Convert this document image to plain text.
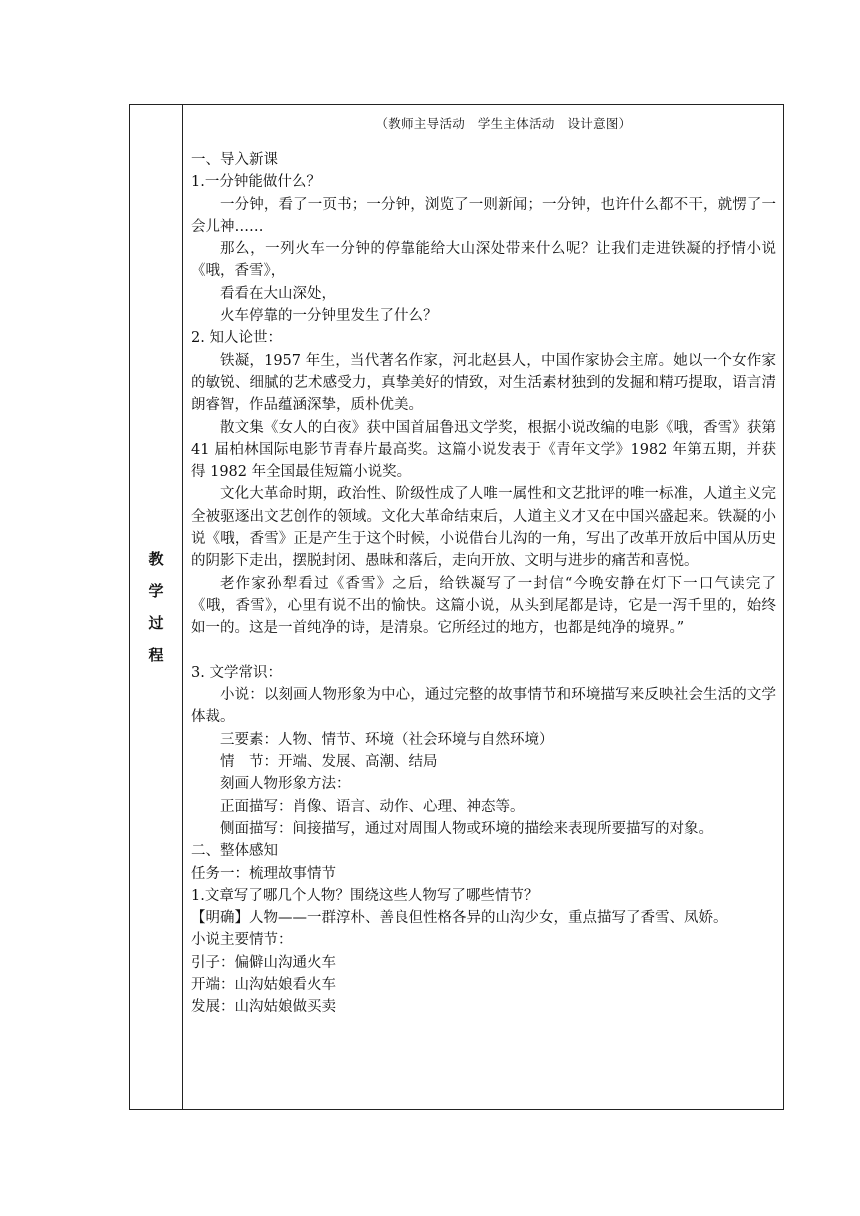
教
学
过
程
（教师主导活动　学生主体活动　设计意图）

一、导入新课

1.一分钟能做什么？

一分钟，看了一页书；一分钟，浏览了一则新闻；一分钟，也许什么都不干，就愣了一会儿神……

那么，一列火车一分钟的停靠能给大山深处带来什么呢？让我们走进铁凝的抒情小说《哦，香雪》，

看看在大山深处，

火车停靠的一分钟里发生了什么？

2. 知人论世：

铁凝，1957 年生，当代著名作家，河北赵县人，中国作家协会主席。她以一个女作家的敏锐、细腻的艺术感受力，真挚美好的情致，对生活素材独到的发掘和精巧提取，语言清朗睿智，作品蕴涵深挚，质朴优美。

散文集《女人的白夜》获中国首届鲁迅文学奖，根据小说改编的电影《哦，香雪》获第 41 届柏林国际电影节青春片最高奖。这篇小说发表于《青年文学》1982 年第五期，并获得 1982 年全国最佳短篇小说奖。

文化大革命时期，政治性、阶级性成了人唯一属性和文艺批评的唯一标准，人道主义完全被驱逐出文艺创作的领域。文化大革命结束后，人道主义才又在中国兴盛起来。铁凝的小说《哦，香雪》正是产生于这个时候，小说借台儿沟的一角，写出了改革开放后中国从历史的阴影下走出，摆脱封闭、愚昧和落后，走向开放、文明与进步的痛苦和喜悦。

老作家孙犁看过《香雪》之后，给铁凝写了一封信“今晚安静在灯下一口气读完了《哦，香雪》，心里有说不出的愉快。这篇小说，从头到尾都是诗，它是一泻千里的，始终如一的。这是一首纯净的诗，是清泉。它所经过的地方，也都是纯净的境界。”

3. 文学常识：

小说：以刻画人物形象为中心，通过完整的故事情节和环境描写来反映社会生活的文学体裁。

三要素：人物、情节、环境（社会环境与自然环境）

情　节：开端、发展、高潮、结局

刻画人物形象方法：

正面描写：肖像、语言、动作、心理、神态等。

侧面描写：间接描写，通过对周围人物或环境的描绘来表现所要描写的对象。

二、整体感知

任务一：梳理故事情节

1.文章写了哪几个人物？围绕这些人物写了哪些情节？

【明确】人物——一群淳朴、善良但性格各异的山沟少女，重点描写了香雪、凤娇。

小说主要情节：

引子：偏僻山沟通火车

开端：山沟姑娘看火车

发展：山沟姑娘做买卖
